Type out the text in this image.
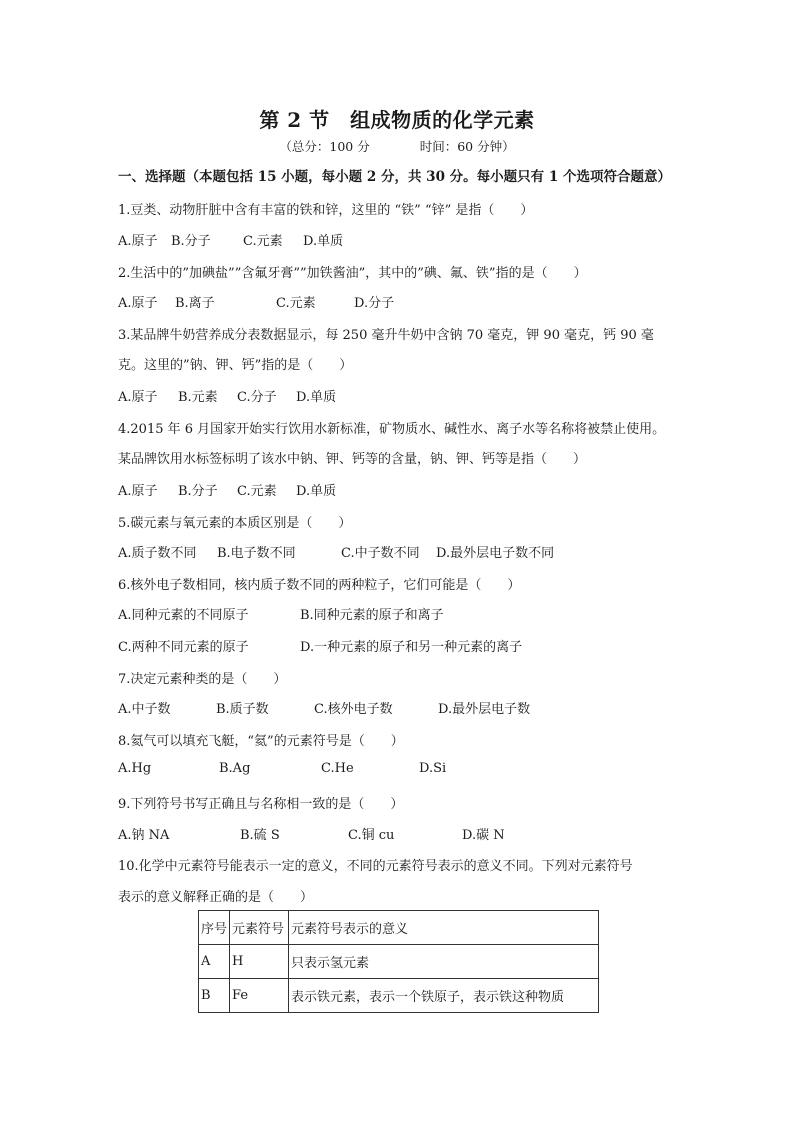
第 2 节　组成物质的化学元素
（总分：100 分	时间：60 分钟）
一、选择题（本题包括 15 小题，每小题 2 分，共 30 分。每小题只有 1 个选项符合题意）
1.豆类、动物肝脏中含有丰富的铁和锌，这里的 “铁” “锌” 是指（　　）
A.原子 B.分子 C.元素 D.单质
2.生活中的”加碘盐””含氟牙膏””加铁酱油”，其中的”碘、氟、铁”指的是（　　）
A.原子 B.离子	C.元素	D.分子
3.某品牌牛奶营养成分表数据显示，每 250 毫升牛奶中含钠 70 毫克，钾 90 毫克，钙 90 毫
克。这里的”钠、钾、钙”指的是（　　）
A.原子 B.元素 C.分子 D.单质
4.2015 年 6 月国家开始实行饮用水新标准，矿物质水、碱性水、离子水等名称将被禁止使用。
某品牌饮用水标签标明了该水中钠、钾、钙等的含量，钠、钾、钙等是指（　　）
A.原子 B.分子 C.元素 D.单质
5.碳元素与氧元素的本质区别是（　　）
A.质子数不同 B.电子数不同	C.中子数不同 D.最外层电子数不同
6.核外电子数相同，核内质子数不同的两种粒子，它们可能是（　　）
A.同种元素的不同原子	B.同种元素的原子和离子
C.两种不同元素的原子	D.一种元素的原子和另一种元素的离子
7.决定元素种类的是（　　）
A.中子数	B.质子数	C.核外电子数	D.最外层电子数
8.氦气可以填充飞艇，“氦”的元素符号是（　　）
A.Hg	B.Ag	C.He	D.Si
9.下列符号书写正确且与名称相一致的是（　　）
A.钠 NA	B.硫 S	C.铜 cu	D.碳 N
10.化学中元素符号能表示一定的意义，不同的元素符号表示的意义不同。下列对元素符号
表示的意义解释正确的是（　　）
序号	元素符号	元素符号表示的意义
A	H	只表示氢元素
B	Fe	表示铁元素，表示一个铁原子，表示铁这种物质
